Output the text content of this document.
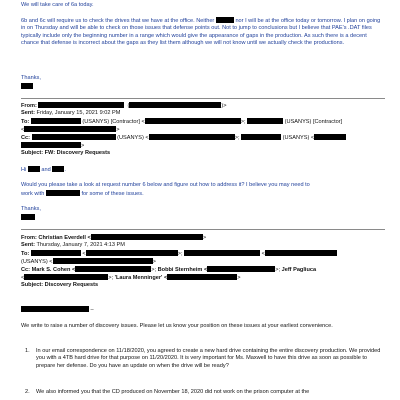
We will take care of 6a today.
6b and 6c will require us to check the drives that we have at the office. Neither	nor I will be at the office today or tomorrow. I plan on going in on Thursday and will be able to check on those issues that defense points out. Not to jump to conclusions but I believe that PAE's .DAT files typically include only the beginning number in a range which would give the appearance of gaps in the production. As such there is a decent chance that defense is incorrect about the gaps as they list them although we will not know until we actually check the productions.
Thanks,
From:	(	)>
Sent: Friday, January 15, 2021 9:02 PM
To:	(USANYS) [Contractor] <	>;	(USANYS) [Contractor]
<	>
Cc:	(USANYS) <	>;	(USANYS) <
>
Subject: FW: Discovery Requests
Hi	and .
Would you please take a look at request number 6 below and figure out how to address it? I believe you may need to
work with	for some of these issues.
Thanks,
From: Christian Everdell <	>
Sent: Thursday, January 7, 2021 4:13 PM
To:	<	>;	<
(USANYS) <	>
Cc: Mark S. Cohen <	>; Bobbi Sternheim <	>; Jeff Pagliuca
<	>; 'Laura Menninger' <	>
Subject: Discovery Requests
–
We write to raise a number of discovery issues. Please let us know your position on these issues at your earliest convenience.
1. In our email correspondence on 11/18/2020, you agreed to create a new hard drive containing the entire discovery production. We provided you with a 4TB hard drive for that purpose on 11/20/2020. It is very important for Ms. Maxwell to have this drive as soon as possible to prepare her defense. Do you have an update on when the drive will be ready?
2. We also informed you that the CD produced on November 18, 2020 did not work on the prison computer at the
